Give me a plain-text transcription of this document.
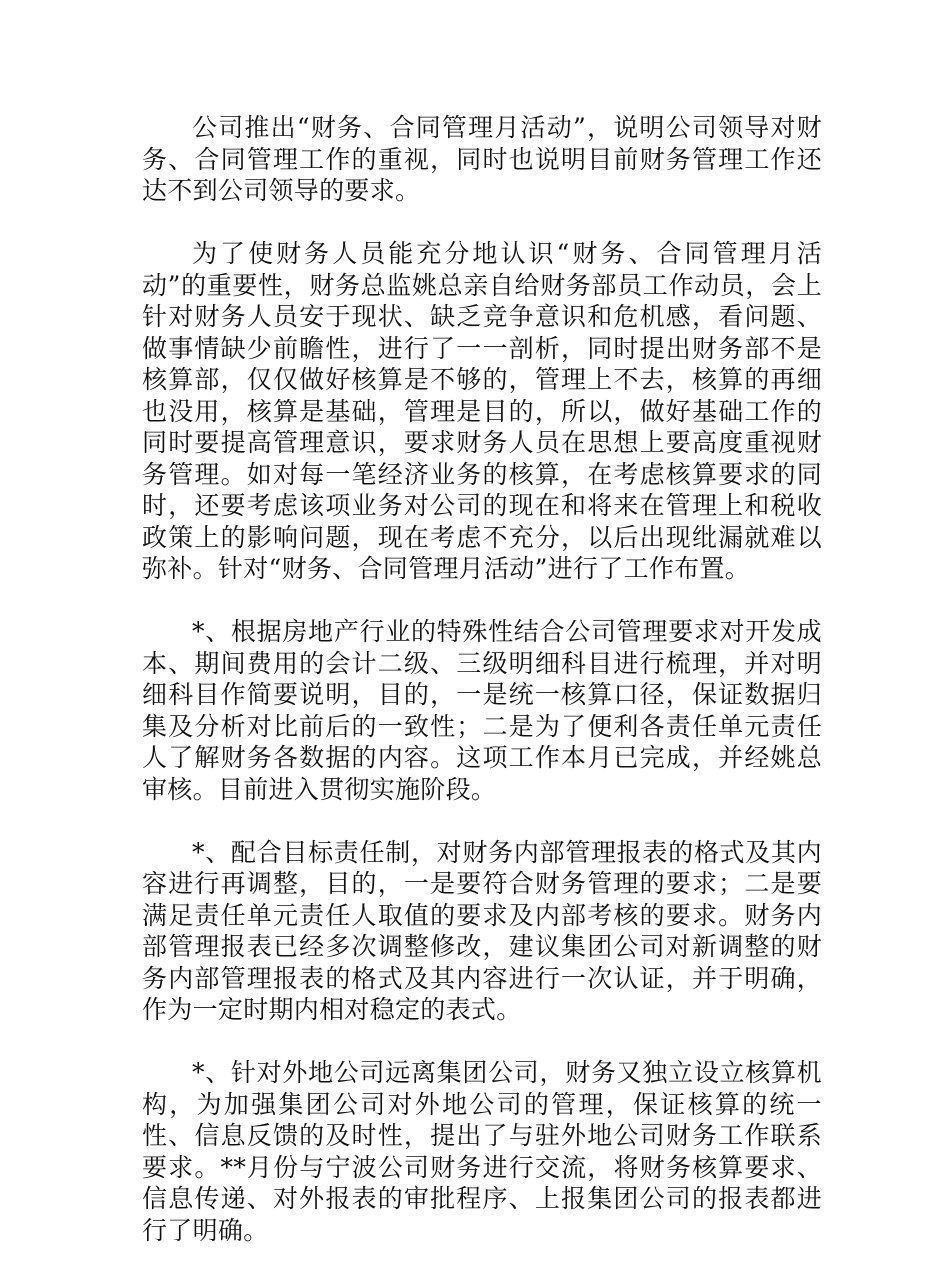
公司推出“财务、合同管理月活动”，说明公司领导对财务、合同管理工作的重视，同时也说明目前财务管理工作还达不到公司领导的要求。

为了使财务人员能充分地认识“财务、合同管理月活动”的重要性，财务总监姚总亲自给财务部员工作动员，会上针对财务人员安于现状、缺乏竞争意识和危机感，看问题、做事情缺少前瞻性，进行了一一剖析，同时提出财务部不是核算部，仅仅做好核算是不够的，管理上不去，核算的再细也没用，核算是基础，管理是目的，所以，做好基础工作的同时要提高管理意识，要求财务人员在思想上要高度重视财务管理。如对每一笔经济业务的核算，在考虑核算要求的同时，还要考虑该项业务对公司的现在和将来在管理上和税收政策上的影响问题，现在考虑不充分，以后出现纰漏就难以弥补。针对“财务、合同管理月活动”进行了工作布置。

*、根据房地产行业的特殊性结合公司管理要求对开发成本、期间费用的会计二级、三级明细科目进行梳理，并对明细科目作简要说明，目的，一是统一核算口径，保证数据归集及分析对比前后的一致性；二是为了便利各责任单元责任人了解财务各数据的内容。这项工作本月已完成，并经姚总审核。目前进入贯彻实施阶段。

*、配合目标责任制，对财务内部管理报表的格式及其内容进行再调整，目的，一是要符合财务管理的要求；二是要满足责任单元责任人取值的要求及内部考核的要求。财务内部管理报表已经多次调整修改，建议集团公司对新调整的财务内部管理报表的格式及其内容进行一次认证，并于明确，作为一定时期内相对稳定的表式。

*、针对外地公司远离集团公司，财务又独立设立核算机构，为加强集团公司对外地公司的管理，保证核算的统一性、信息反馈的及时性，提出了与驻外地公司财务工作联系要求。**月份与宁波公司财务进行交流，将财务核算要求、信息传递、对外报表的审批程序、上报集团公司的报表都进行了明确。
